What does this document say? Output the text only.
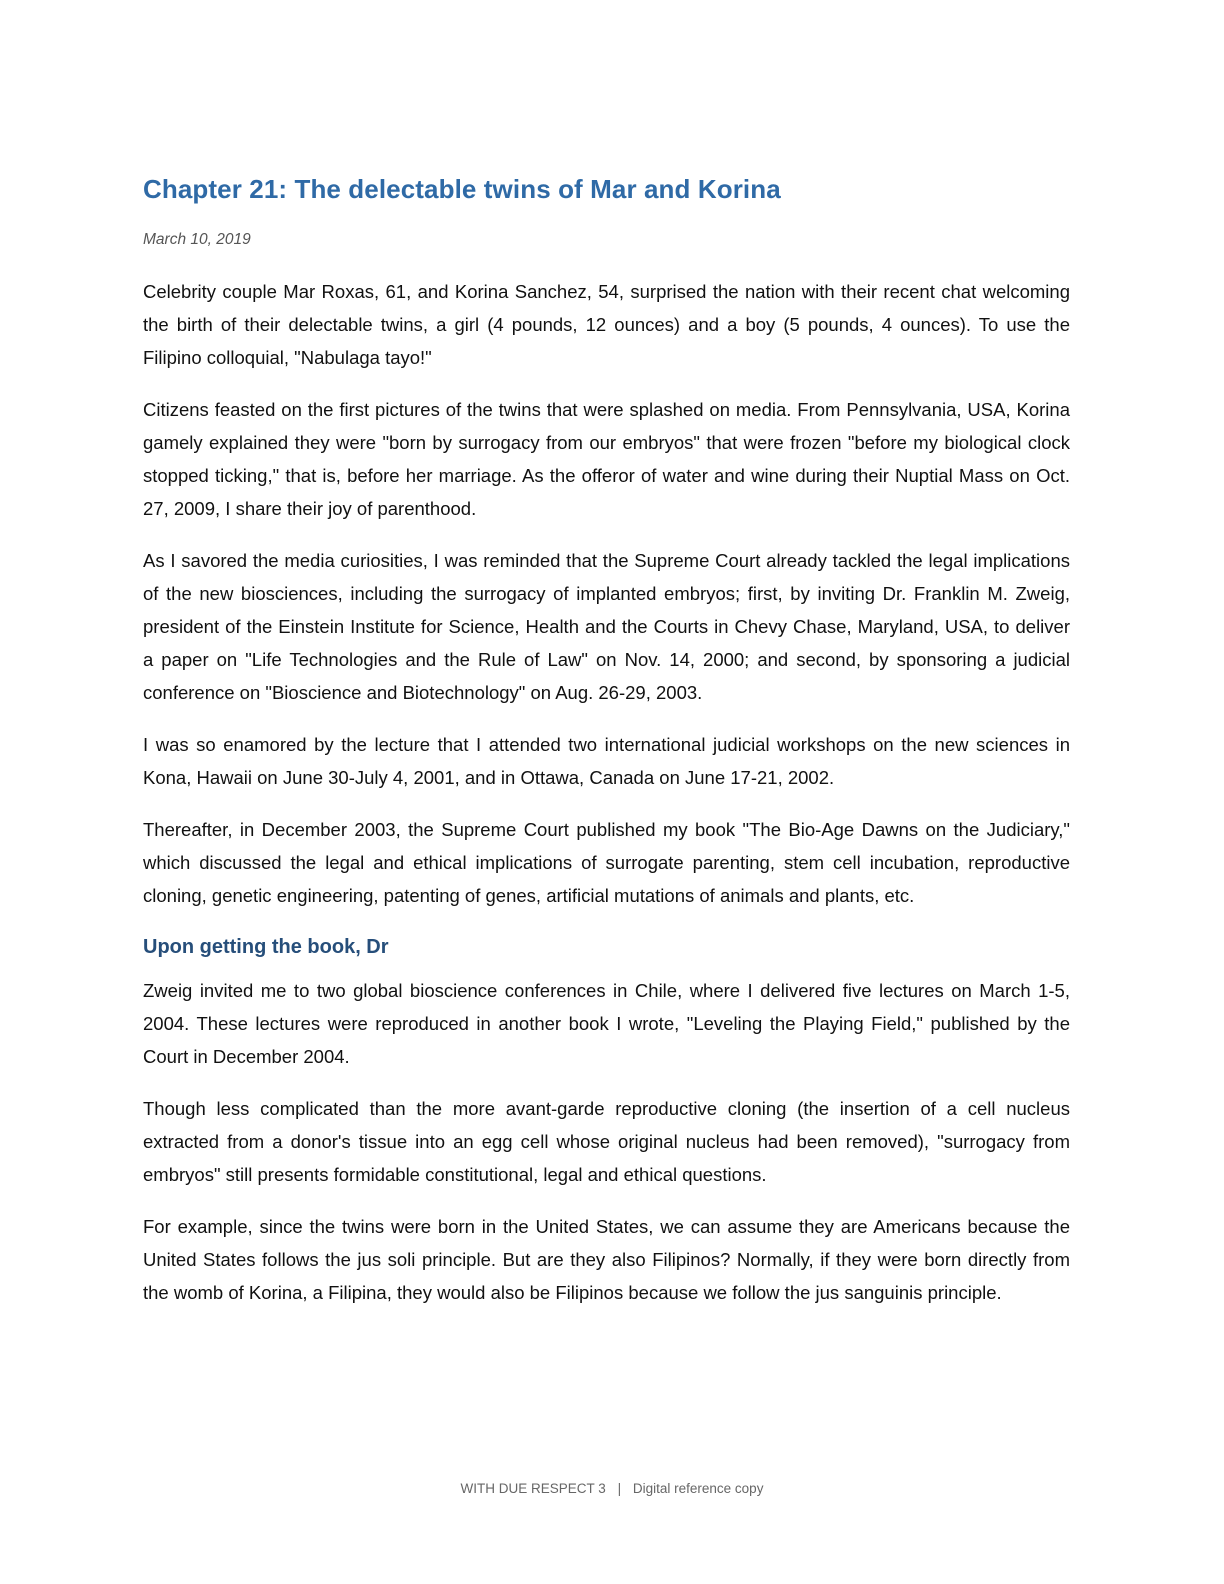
Chapter 21: The delectable twins of Mar and Korina
March 10, 2019

Celebrity couple Mar Roxas, 61, and Korina Sanchez, 54, surprised the nation with their recent chat welcoming the birth of their delectable twins, a girl (4 pounds, 12 ounces) and a boy (5 pounds, 4 ounces). To use the Filipino colloquial, "Nabulaga tayo!"

Citizens feasted on the first pictures of the twins that were splashed on media. From Pennsylvania, USA, Korina gamely explained they were "born by surrogacy from our embryos" that were frozen "before my biological clock stopped ticking," that is, before her marriage. As the offeror of water and wine during their Nuptial Mass on Oct. 27, 2009, I share their joy of parenthood.

As I savored the media curiosities, I was reminded that the Supreme Court already tackled the legal implications of the new biosciences, including the surrogacy of implanted embryos; first, by inviting Dr. Franklin M. Zweig, president of the Einstein Institute for Science, Health and the Courts in Chevy Chase, Maryland, USA, to deliver a paper on "Life Technologies and the Rule of Law" on Nov. 14, 2000; and second, by sponsoring a judicial conference on "Bioscience and Biotechnology" on Aug. 26-29, 2003.

I was so enamored by the lecture that I attended two international judicial workshops on the new sciences in Kona, Hawaii on June 30-July 4, 2001, and in Ottawa, Canada on June 17-21, 2002.

Thereafter, in December 2003, the Supreme Court published my book "The Bio-Age Dawns on the Judiciary," which discussed the legal and ethical implications of surrogate parenting, stem cell incubation, reproductive cloning, genetic engineering, patenting of genes, artificial mutations of animals and plants, etc.

Upon getting the book, Dr

Zweig invited me to two global bioscience conferences in Chile, where I delivered five lectures on March 1-5, 2004. These lectures were reproduced in another book I wrote, "Leveling the Playing Field," published by the Court in December 2004.

Though less complicated than the more avant-garde reproductive cloning (the insertion of a cell nucleus extracted from a donor's tissue into an egg cell whose original nucleus had been removed), "surrogacy from embryos" still presents formidable constitutional, legal and ethical questions.

For example, since the twins were born in the United States, we can assume they are Americans because the United States follows the jus soli principle. But are they also Filipinos? Normally, if they were born directly from the womb of Korina, a Filipina, they would also be Filipinos because we follow the jus sanguinis principle.

WITH DUE RESPECT 3 | Digital reference copy
